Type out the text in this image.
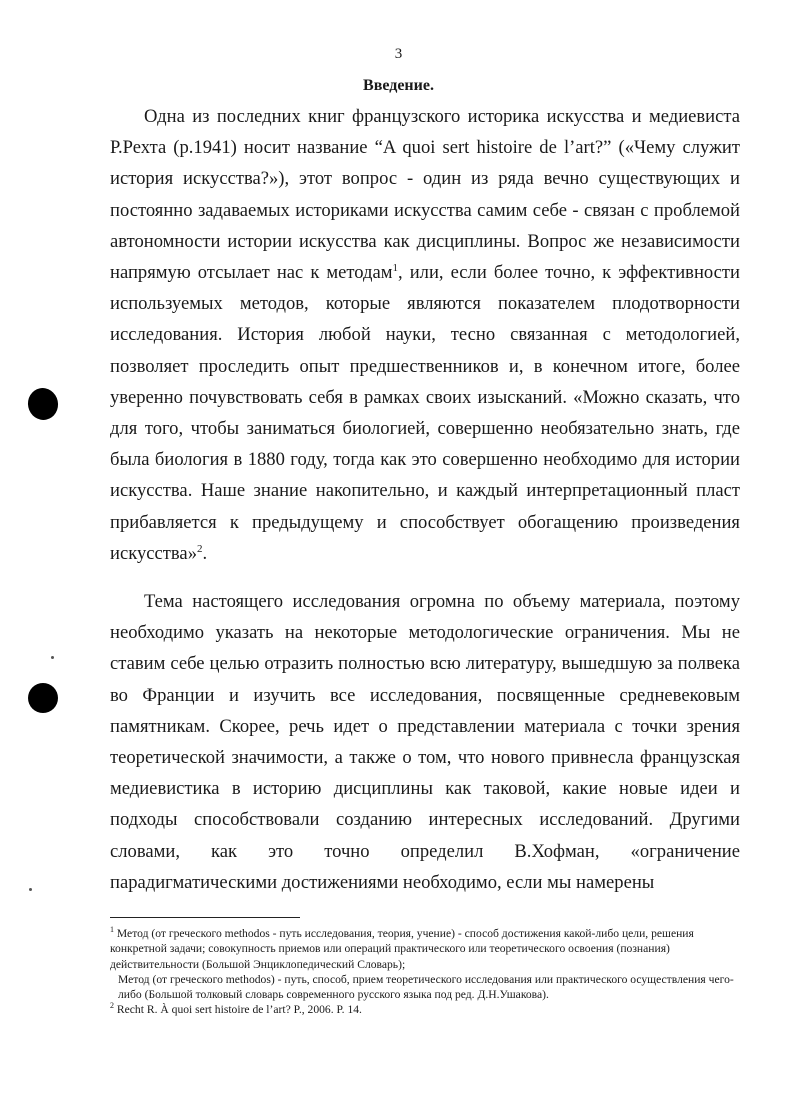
3
Введение.

Одна из последних книг французского историка искусства и медиевиста Р.Рехта (р.1941) носит название “A quoi sert histoire de l’art?” («Чему служит история искусства?»), этот вопрос - один из ряда вечно существующих и постоянно задаваемых историками искусства самим себе - связан с проблемой автономности истории искусства как дисциплины. Вопрос же независимости напрямую отсылает нас к методам$^1$, или, если более точно, к эффективности используемых методов, которые являются показателем плодотворности исследования. История любой науки, тесно связанная с методологией, позволяет проследить опыт предшественников и, в конечном итоге, более уверенно почувствовать себя в рамках своих изысканий. «Можно сказать, что для того, чтобы заниматься биологией, совершенно необязательно знать, где была биология в 1880 году, тогда как это совершенно необходимо для истории искусства. Наше знание накопительно, и каждый интерпретационный пласт прибавляется к предыдущему и способствует обогащению произведения искусства»$^2$.

Тема настоящего исследования огромна по объему материала, поэтому необходимо указать на некоторые методологические ограничения. Мы не ставим себе целью отразить полностью всю литературу, вышедшую за полвека во Франции и изучить все исследования, посвященные средневековым памятникам. Скорее, речь идет о представлении материала с точки зрения теоретической значимости, а также о том, что нового привнесла французская медиевистика в историю дисциплины как таковой, какие новые идеи и подходы способствовали созданию интересных исследований. Другими словами, как это точно определил В.Хофман, «ограничение парадигматическими достижениями необходимо, если мы намерены

$^1$ Метод (от греческого methodos - путь исследования, теория, учение) - способ достижения какой-либо цели, решения конкретной задачи; совокупность приемов или операций практического или теоретического освоения (познания) действительности (Большой Энциклопедический Словарь);

Метод (от греческого methodos) - путь, способ, прием теоретического исследования или практического осуществления чего-либо (Большой толковый словарь современного русского языка под ред. Д.Н.Ушакова).

$^2$ Recht R. À quoi sert histoire de l’art? P., 2006. P. 14.
